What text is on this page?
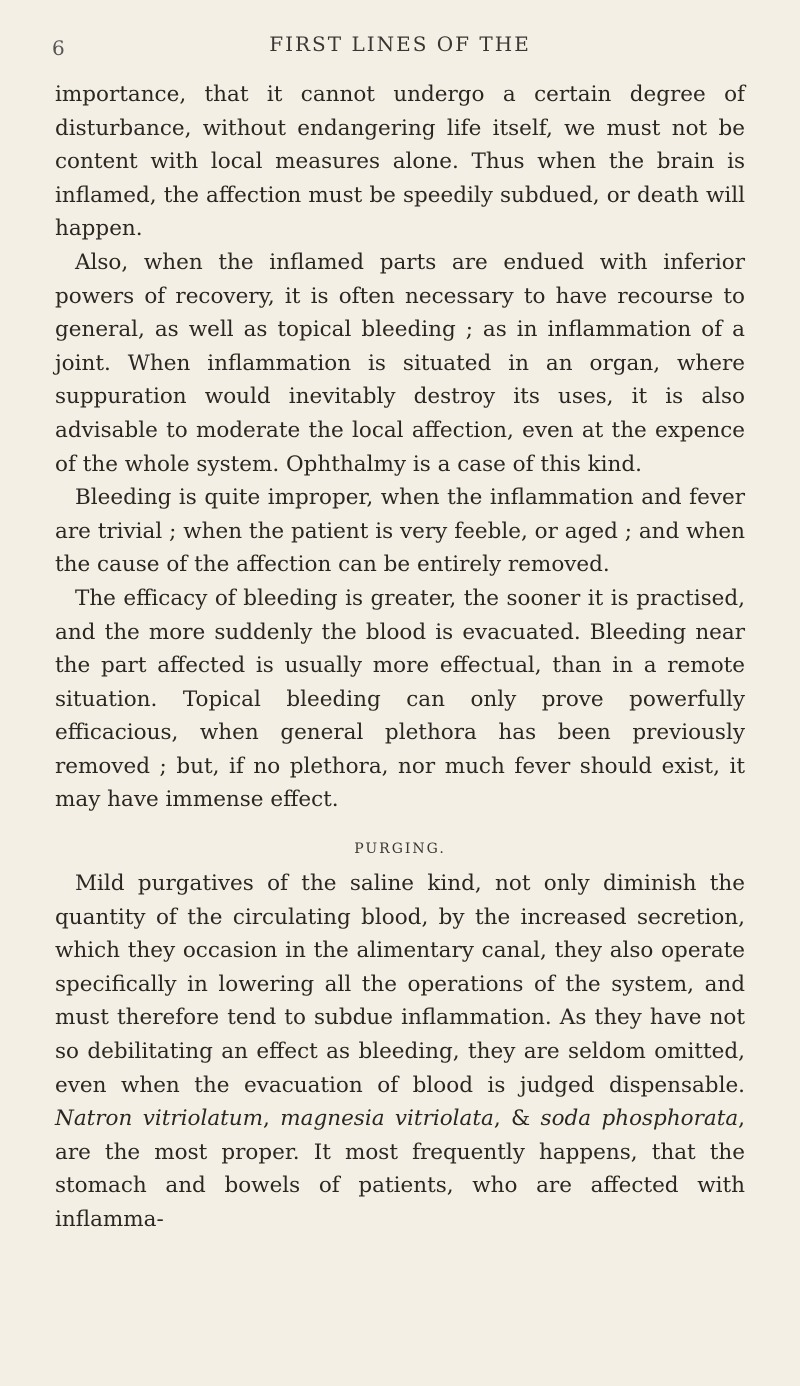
6	FIRST LINES OF THE

importance, that it cannot undergo a certain degree of disturbance, without endangering life itself, we must not be content with local measures alone. Thus when the brain is inflamed, the affection must be speedily subdued, or death will happen.

Also, when the inflamed parts are endued with inferior powers of recovery, it is often necessary to have recourse to general, as well as topical bleeding ; as in inflammation of a joint. When inflammation is situated in an organ, where suppuration would inevitably destroy its uses, it is also advisable to moderate the local affection, even at the expence of the whole system. Ophthalmy is a case of this kind.

Bleeding is quite improper, when the inflammation and fever are trivial ; when the patient is very feeble, or aged ; and when the cause of the affection can be entirely removed.

The efficacy of bleeding is greater, the sooner it is practised, and the more suddenly the blood is evacuated. Bleeding near the part affected is usually more effectual, than in a remote situation. Topical bleeding can only prove powerfully efficacious, when general plethora has been previously removed ; but, if no plethora, nor much fever should exist, it may have immense effect.

PURGING.

Mild purgatives of the saline kind, not only diminish the quantity of the circulating blood, by the increased secretion, which they occasion in the alimentary canal, they also operate specifically in lowering all the operations of the system, and must therefore tend to subdue inflammation. As they have not so debilitating an effect as bleeding, they are seldom omitted, even when the evacuation of blood is judged dispensable. Natron vitriolatum, magnesia vitriolata, & soda phosphorata, are the most proper. It most frequently happens, that the stomach and bowels of patients, who are affected with inflamma-
